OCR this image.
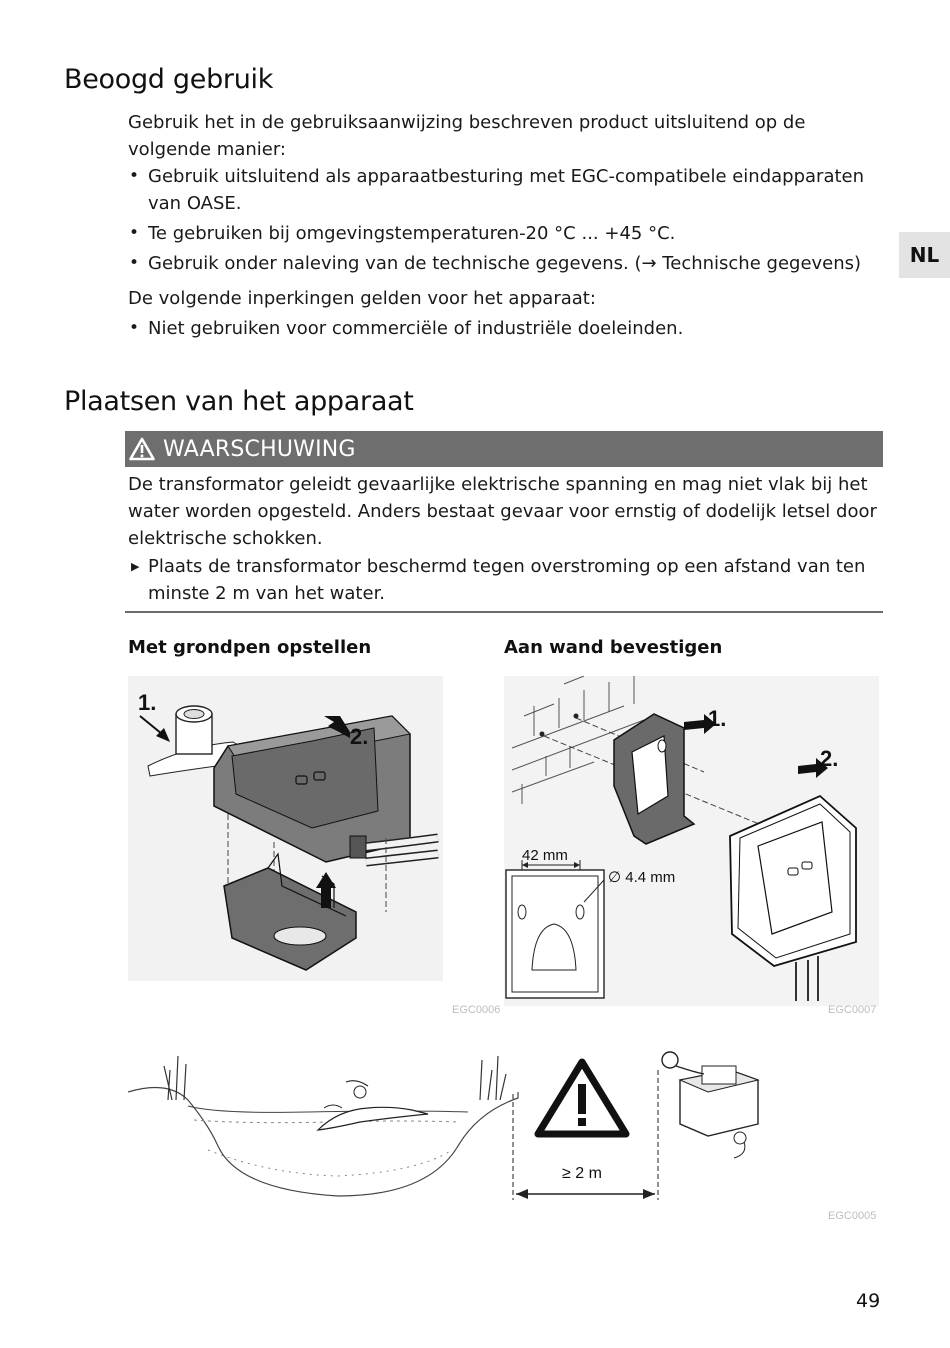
Beoogd gebruik

Gebruik het in de gebruiksaanwijzing beschreven product uitsluitend op de volgende manier:

• Gebruik uitsluitend als apparaatbesturing met EGC-compatibele eindapparaten van OASE.
• Te gebruiken bij omgevingstemperaturen-20 °C ... +45 °C.
• Gebruik onder naleving van de technische gegevens. (→ Technische gegevens)

De volgende inperkingen gelden voor het apparaat:

• Niet gebruiken voor commerciële of industriële doeleinden.
NL
Plaatsen van het apparaat
WAARSCHUWING

De transformator geleidt gevaarlijke elektrische spanning en mag niet vlak bij het water worden opgesteld. Anders bestaat gevaar voor ernstig of dodelijk letsel door elektrische schokken.

▶ Plaats de transformator beschermd tegen overstroming op een afstand van ten minste 2 m van het water.
Met grondpen opstellen	Aan wand bevestigen
1.
2.
EGC0006
1.
2.
42 mm
∅ 4.4 mm
EGC0007
≥ 2 m
EGC0005
49
